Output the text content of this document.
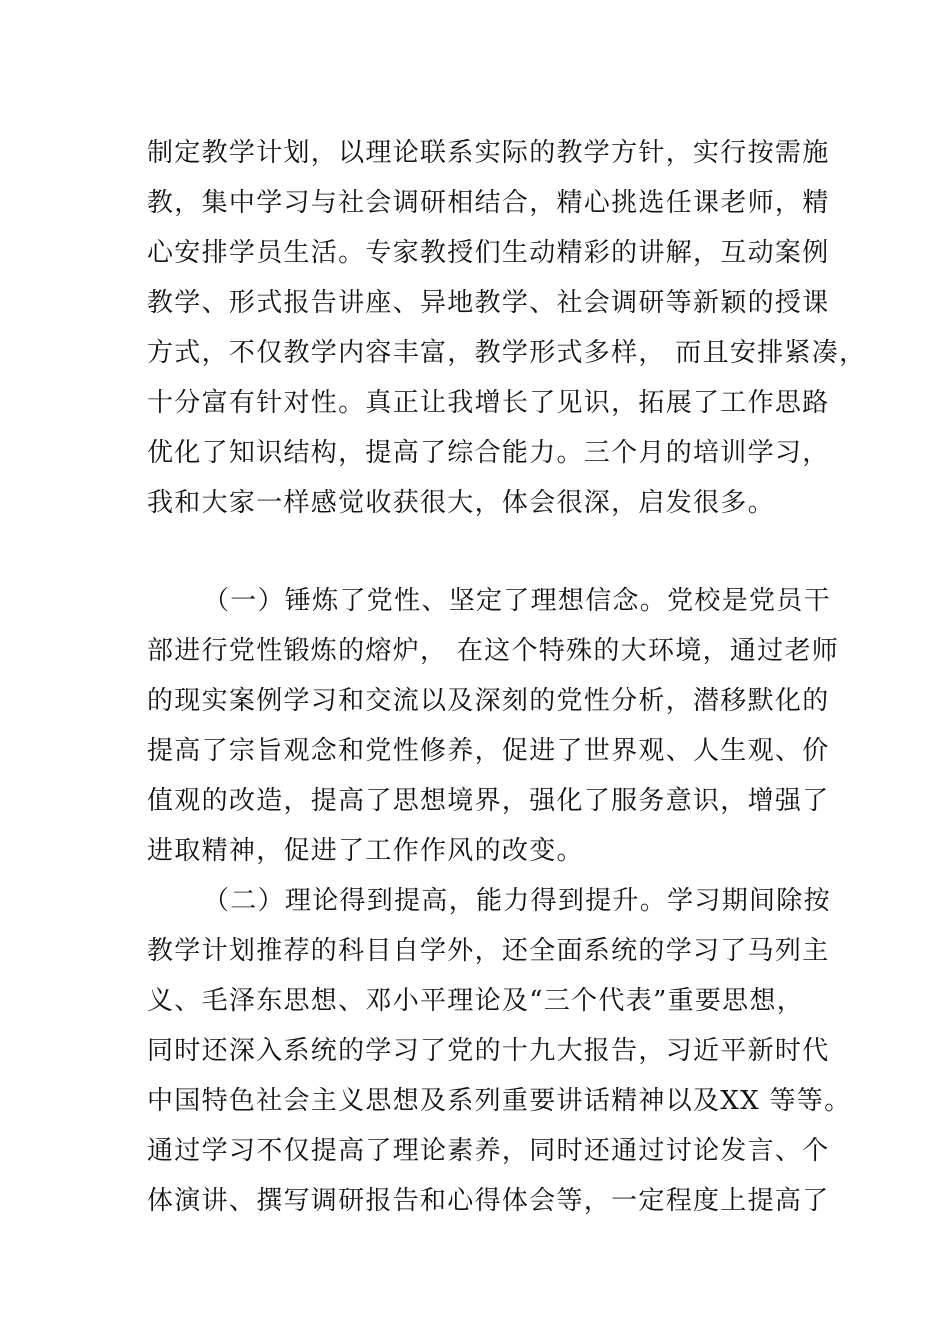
制定教学计划，以理论联系实际的教学方针，实行按需施
教，集中学习与社会调研相结合，精心挑选任课老师，精
心安排学员生活。专家教授们生动精彩的讲解，互动案例
教学、形式报告讲座、异地教学、社会调研等新颖的授课
方式，不仅教学内容丰富，教学形式多样， 而且安排紧凑，
十分富有针对性。真正让我增长了见识，拓展了工作思路
优化了知识结构，提高了综合能力。三个月的培训学习，
我和大家一样感觉收获很大，体会很深，启发很多。
（一）锤炼了党性、坚定了理想信念。党校是党员干
部进行党性锻炼的熔炉， 在这个特殊的大环境，通过老师
的现实案例学习和交流以及深刻的党性分析，潜移默化的
提高了宗旨观念和党性修养，促进了世界观、人生观、价
值观的改造，提高了思想境界，强化了服务意识，增强了
进取精神，促进了工作作风的改变。
（二）理论得到提高，能力得到提升。学习期间除按
教学计划推荐的科目自学外，还全面系统的学习了马列主
义、毛泽东思想、邓小平理论及“三个代表”重要思想，
同时还深入系统的学习了党的十九大报告，习近平新时代
中国特色社会主义思想及系列重要讲话精神以及XX 等等。
通过学习不仅提高了理论素养，同时还通过讨论发言、个
体演讲、撰写调研报告和心得体会等，一定程度上提高了
